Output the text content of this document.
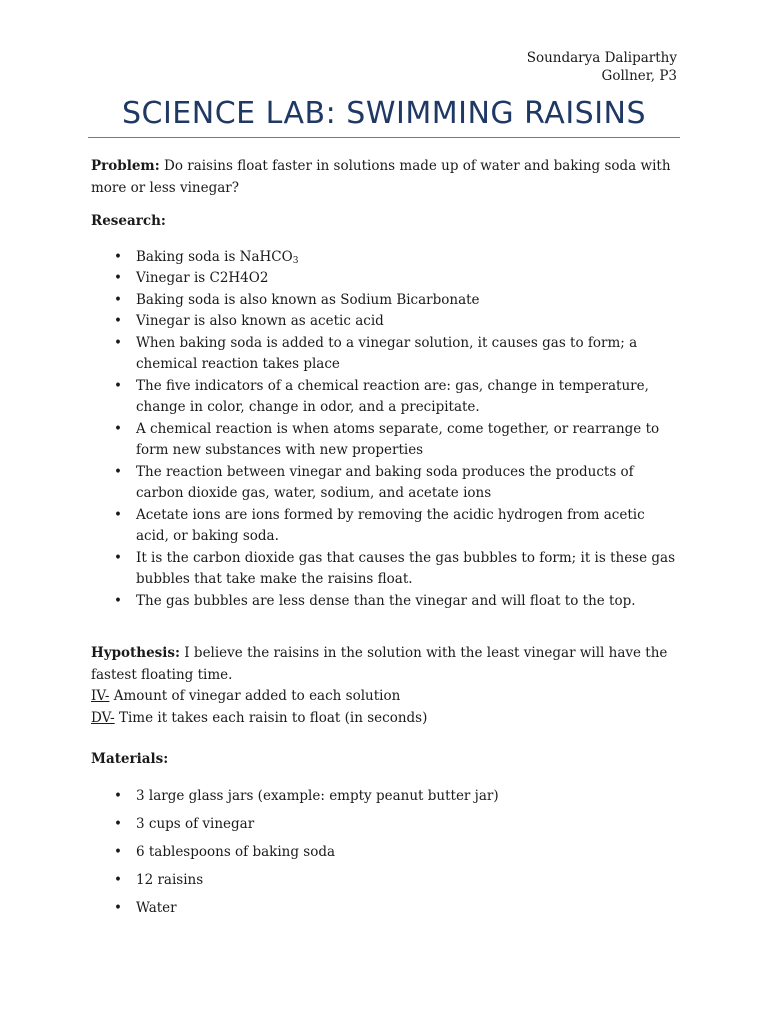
Soundarya Daliparthy
Gollner, P3
SCIENCE LAB: SWIMMING RAISINS

Problem: Do raisins float faster in solutions made up of water and baking soda with more or less vinegar?

Research:

• Baking soda is NaHCO$_3$
• Vinegar is C2H4O2
• Baking soda is also known as Sodium Bicarbonate
• Vinegar is also known as acetic acid
• When baking soda is added to a vinegar solution, it causes gas to form; a chemical reaction takes place
• The five indicators of a chemical reaction are: gas, change in temperature, change in color, change in odor, and a precipitate.
• A chemical reaction is when atoms separate, come together, or rearrange to form new substances with new properties
• The reaction between vinegar and baking soda produces the products of carbon dioxide gas, water, sodium, and acetate ions
• Acetate ions are ions formed by removing the acidic hydrogen from acetic acid, or baking soda.
• It is the carbon dioxide gas that causes the gas bubbles to form; it is these gas bubbles that take make the raisins float.
• The gas bubbles are less dense than the vinegar and will float to the top.

Hypothesis: I believe the raisins in the solution with the least vinegar will have the fastest floating time.

IV- Amount of vinegar added to each solution

DV- Time it takes each raisin to float (in seconds)

Materials:

• 3 large glass jars (example: empty peanut butter jar)
• 3 cups of vinegar
• 6 tablespoons of baking soda
• 12 raisins
• Water
